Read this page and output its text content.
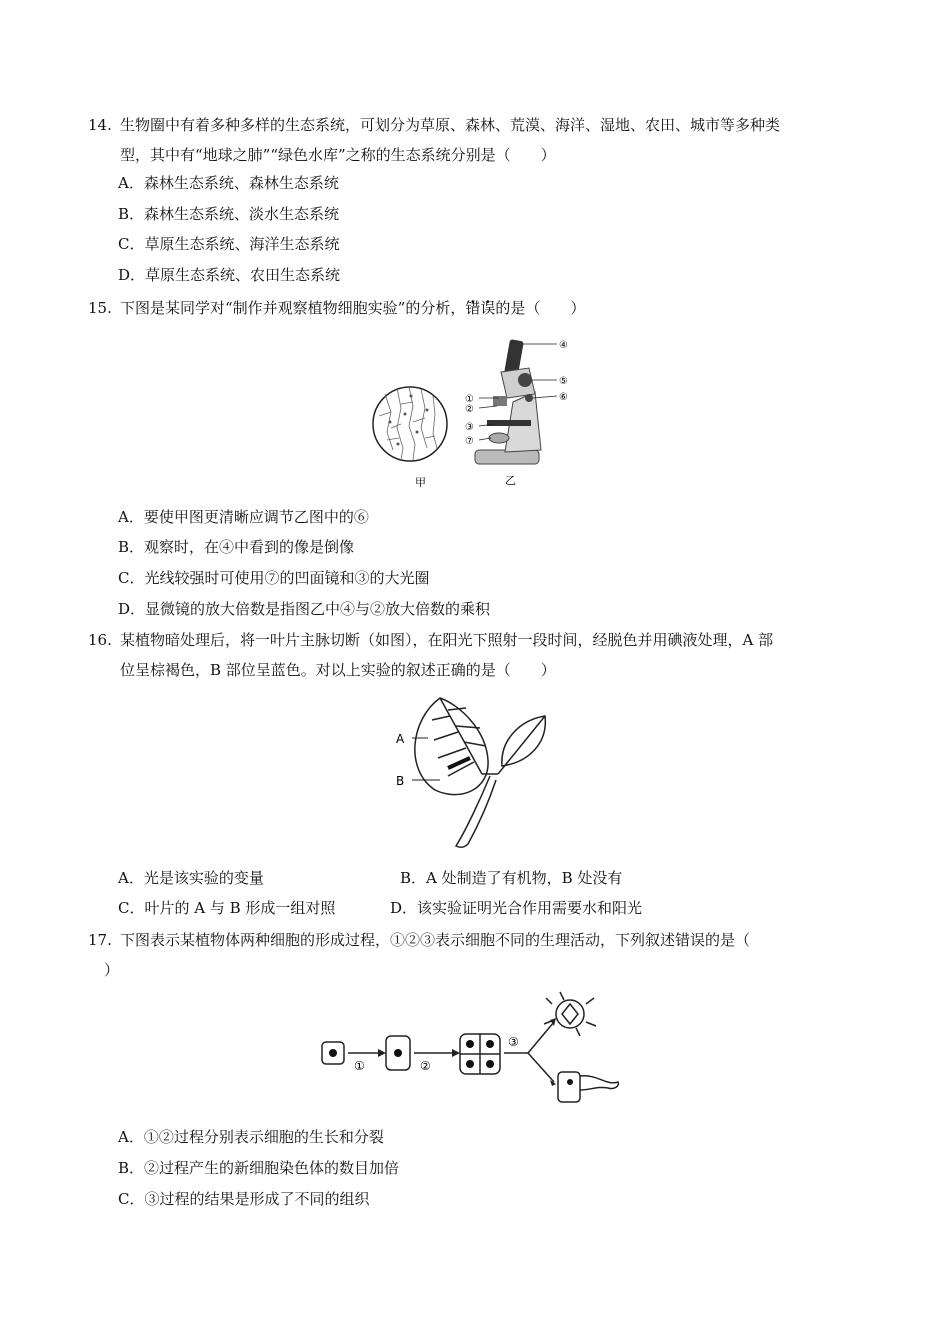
14. 生物圈中有着多种多样的生态系统，可划分为草原、森林、荒漠、海洋、湿地、农田、城市等多种类
型，其中有“地球之肺”“绿色水库”之称的生态系统分别是（　　）
A．森林生态系统、森林生态系统
B．森林生态系统、淡水生态系统
C．草原生态系统、海洋生态系统
D．草原生态系统、农田生态系统
15. 下图是某同学对“制作并观察植物细胞实验”的分析，错误的是（　　）
①
②
③
⑦
④
⑤
⑥
甲	乙
A．要使甲图更清晰应调节乙图中的⑥
B．观察时，在④中看到的像是倒像
C．光线较强时可使用⑦的凹面镜和③的大光圈
D．显微镜的放大倍数是指图乙中④与②放大倍数的乘积
16. 某植物暗处理后，将一叶片主脉切断（如图），在阳光下照射一段时间，经脱色并用碘液处理，A 部
位呈棕褐色，B 部位呈蓝色。对以上实验的叙述正确的是（　　）
A
B
A．光是该实验的变量	B．A 处制造了有机物，B 处没有
C．叶片的 A 与 B 形成一组对照	D．该实验证明光合作用需要水和阳光
17. 下图表示某植物体两种细胞的形成过程，①②③表示细胞不同的生理活动，下列叙述错误的是（
）
①	②
③
A．①②过程分别表示细胞的生长和分裂
B．②过程产生的新细胞染色体的数目加倍
C．③过程的结果是形成了不同的组织
